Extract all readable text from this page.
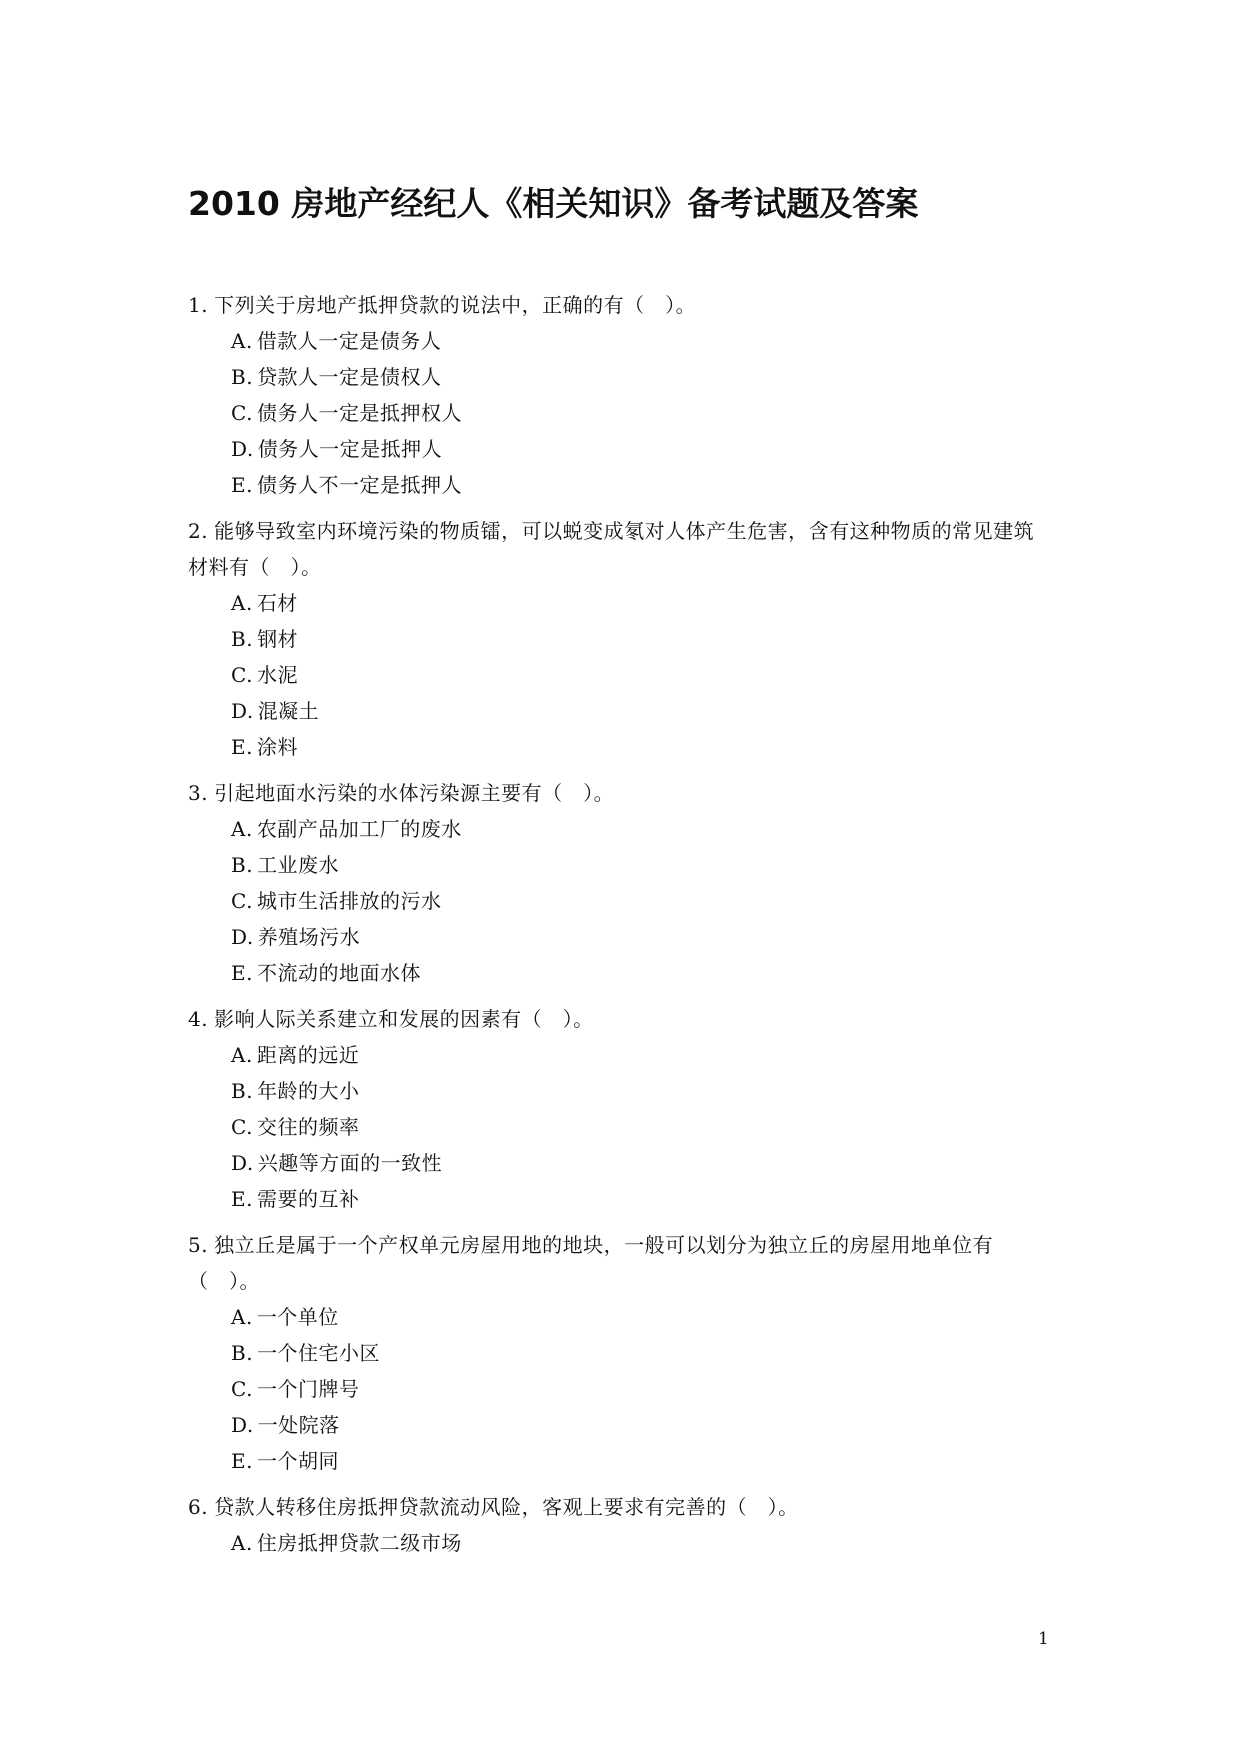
2010 房地产经纪人《相关知识》备考试题及答案
1. 下列关于房地产抵押贷款的说法中，正确的有（　）。
A. 借款人一定是债务人
B. 贷款人一定是债权人
C. 债务人一定是抵押权人
D. 债务人一定是抵押人
E. 债务人不一定是抵押人
2. 能够导致室内环境污染的物质镭，可以蜕变成氡对人体产生危害，含有这种物质的常见建筑材料有（　）。
A. 石材
B. 钢材
C. 水泥
D. 混凝土
E. 涂料
3. 引起地面水污染的水体污染源主要有（　）。
A. 农副产品加工厂的废水
B. 工业废水
C. 城市生活排放的污水
D. 养殖场污水
E. 不流动的地面水体
4. 影响人际关系建立和发展的因素有（　）。
A. 距离的远近
B. 年龄的大小
C. 交往的频率
D. 兴趣等方面的一致性
E. 需要的互补
5. 独立丘是属于一个产权单元房屋用地的地块，一般可以划分为独立丘的房屋用地单位有（　）。
A. 一个单位
B. 一个住宅小区
C. 一个门牌号
D. 一处院落
E. 一个胡同
6. 贷款人转移住房抵押贷款流动风险，客观上要求有完善的（　）。
A. 住房抵押贷款二级市场
1
